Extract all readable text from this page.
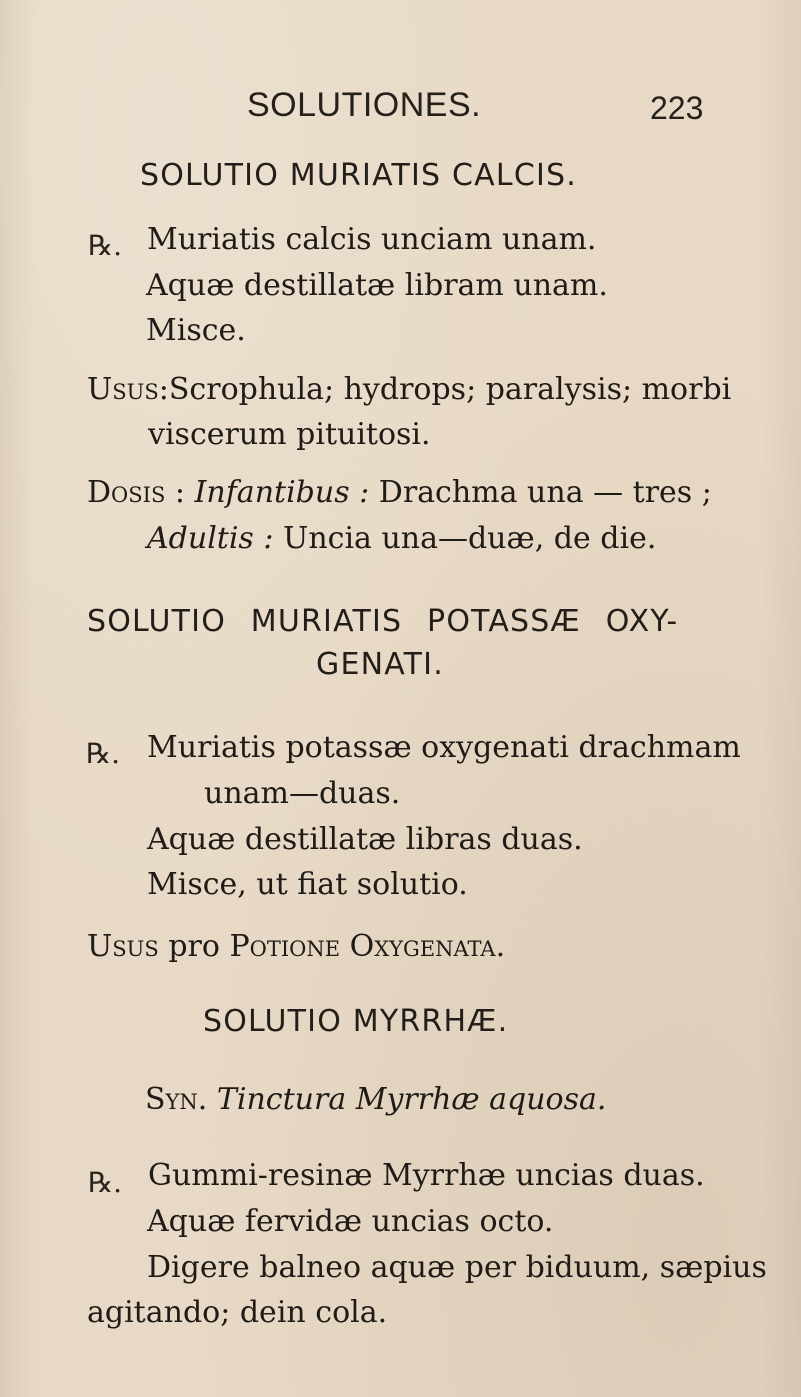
SOLUTIONES.	223
SOLUTIO MURIATIS CALCIS.
℞. Muriatis calcis unciam unam.
Aquæ destillatæ libram unam.
Misce.
Usus:Scrophula; hydrops; paralysis; morbi
viscerum pituitosi.
Dosis : Infantibus : Drachma una — tres ;
Adultis : Uncia una—duæ, de die.
SOLUTIO MURIATIS POTASSÆ OXY-
GENATI.
℞. Muriatis potassæ oxygenati drachmam
unam—duas.
Aquæ destillatæ libras duas.
Misce, ut fiat solutio.
Usus pro Potione Oxygenata.
SOLUTIO MYRRHÆ.
Syn. Tinctura Myrrhæ aquosa.
℞. Gummi-resinæ Myrrhæ uncias duas.
Aquæ fervidæ uncias octo.
Digere balneo aquæ per biduum, sæpius
agitando; dein cola.
